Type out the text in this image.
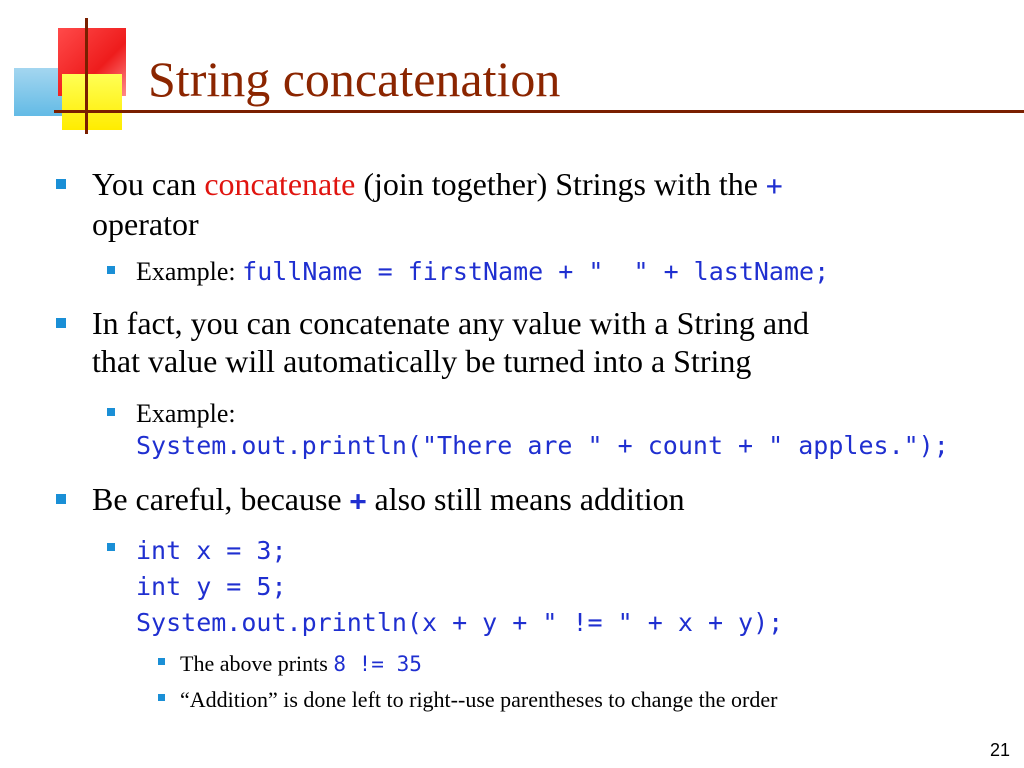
String concatenation
You can concatenate (join together) Strings with the +
operator
Example: fullName = firstName + "  " + lastName;
In fact, you can concatenate any value with a String and
that value will automatically be turned into a String
Example:
System.out.println("There are " + count + " apples.");
Be careful, because + also still means addition
int x = 3;
int y = 5;
System.out.println(x + y + " != " + x + y);
The above prints 8 != 35
“Addition” is done left to right--use parentheses to change the order
21
